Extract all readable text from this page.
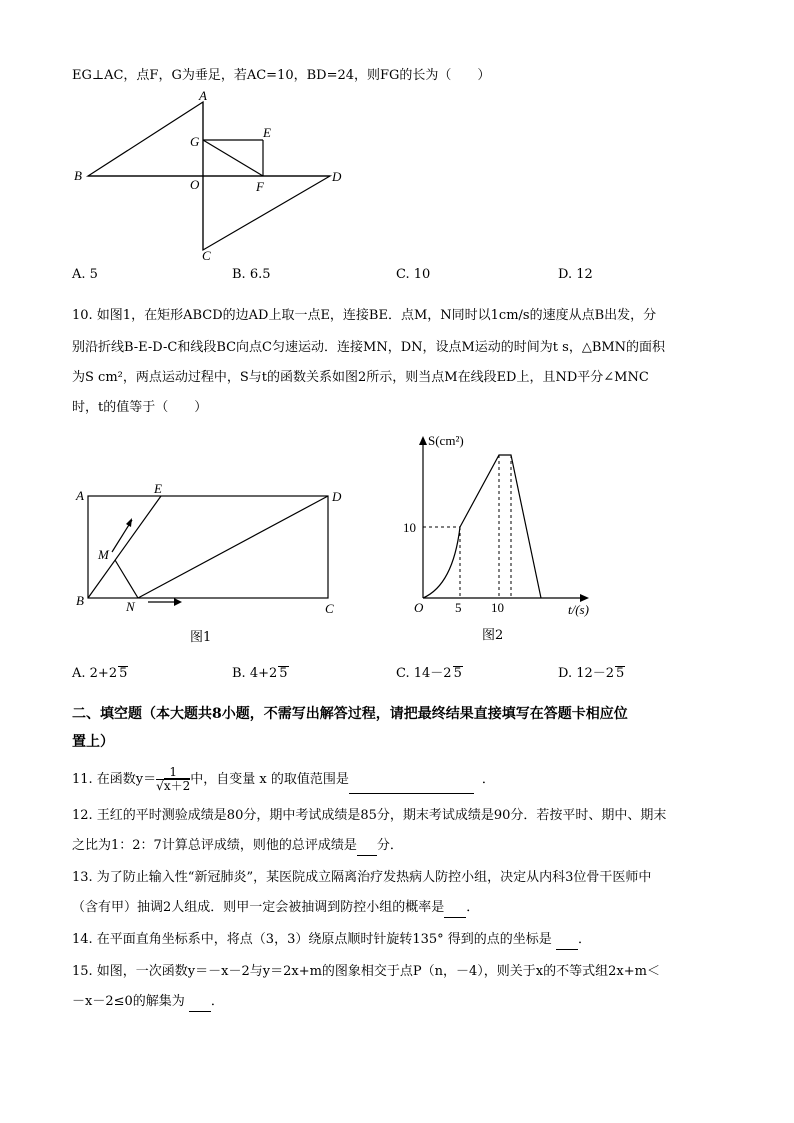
EG⊥AC，点F，G为垂足，若AC=10，BD=24，则FG的长为（　　）
A
B
C
D
E
F
G
O
A. 5	B. 6.5	C. 10	D. 12
10. 如图1，在矩形ABCD的边AD上取一点E，连接BE．点M，N同时以1cm/s的速度从点B出发，分
别沿折线B-E-D-C和线段BC向点C匀速运动．连接MN，DN，设点M运动的时间为t s，△BMN的面积
为S cm²，两点运动过程中，S与t的函数关系如图2所示，则当点M在线段ED上，且ND平分∠MNC
时，t的值等于（　　）
A
B
C
D
E
M
N
图1
S(cm²)
t/(s)
O
10
5 10
图2
A. 2+2 5	B. 4+2 5	C. 14－2 5	D. 12－2 5
二、填空题（本大题共8小题，不需写出解答过程，请把最终结果直接填写在答题卡相应位
置上）
11. 在函数$y= \frac{1}{√x+2}$ 中，自变量 x 的取值范围是	．
12. 王红的平时测验成绩是80分，期中考试成绩是85分，期末考试成绩是90分．若按平时、期中、期末
之比为1：2：7计算总评成绩，则他的总评成绩是 分．
13. 为了防止输入性“新冠肺炎”，某医院成立隔离治疗发热病人防控小组，决定从内科3位骨干医师中
（含有甲）抽调2人组成．则甲一定会被抽调到防控小组的概率是 ．
14. 在平面直角坐标系中，将点（3，3）绕原点顺时针旋转135° 得到的点的坐标是 ．
15. 如图，一次函数y＝－x－2与y＝2x+m的图象相交于点P（n，－4），则关于x的不等式组2x+m＜
－x－2≤0的解集为 ．
